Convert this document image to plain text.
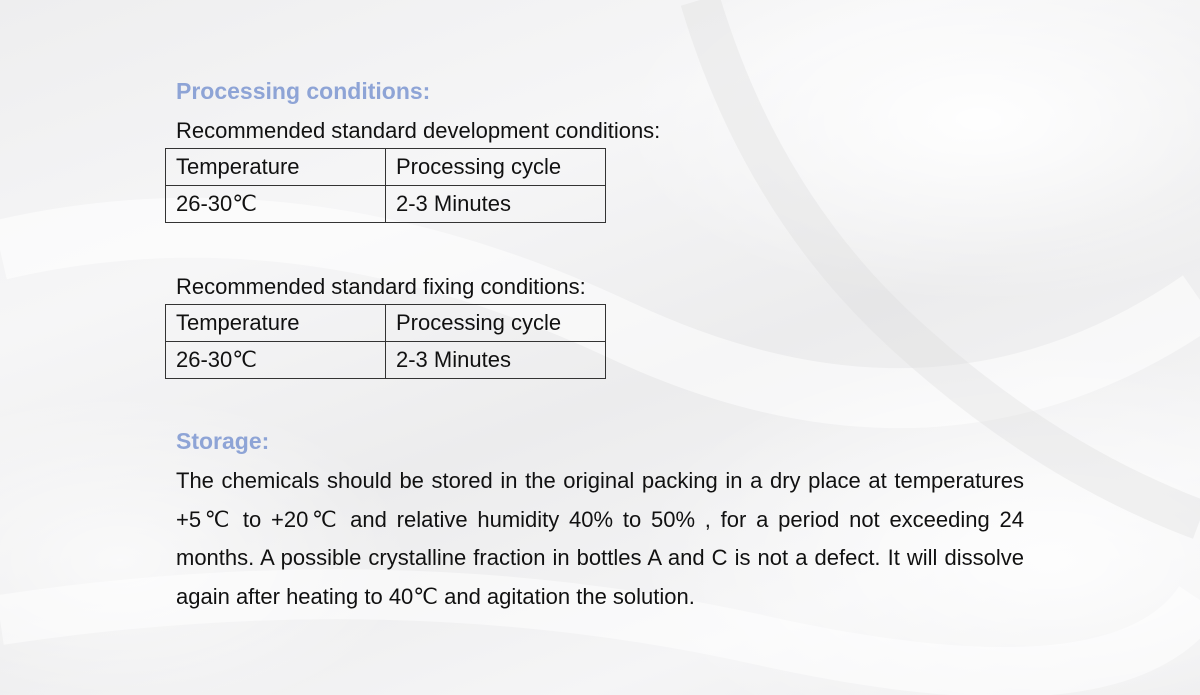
Processing conditions:

Recommended standard development conditions:

Temperature	Processing cycle
26-30℃	2-3 Minutes

Recommended standard fixing conditions:

Temperature	Processing cycle
26-30℃	2-3 Minutes
Storage:

The chemicals should be stored in the original packing in a dry place at temperatures +5℃ to +20℃ and relative humidity 40% to 50% , for a period not exceeding 24 months. A possible crystalline fraction in bottles A and C is not a defect. It will dissolve again after heating to 40℃ and agitation the solution.
